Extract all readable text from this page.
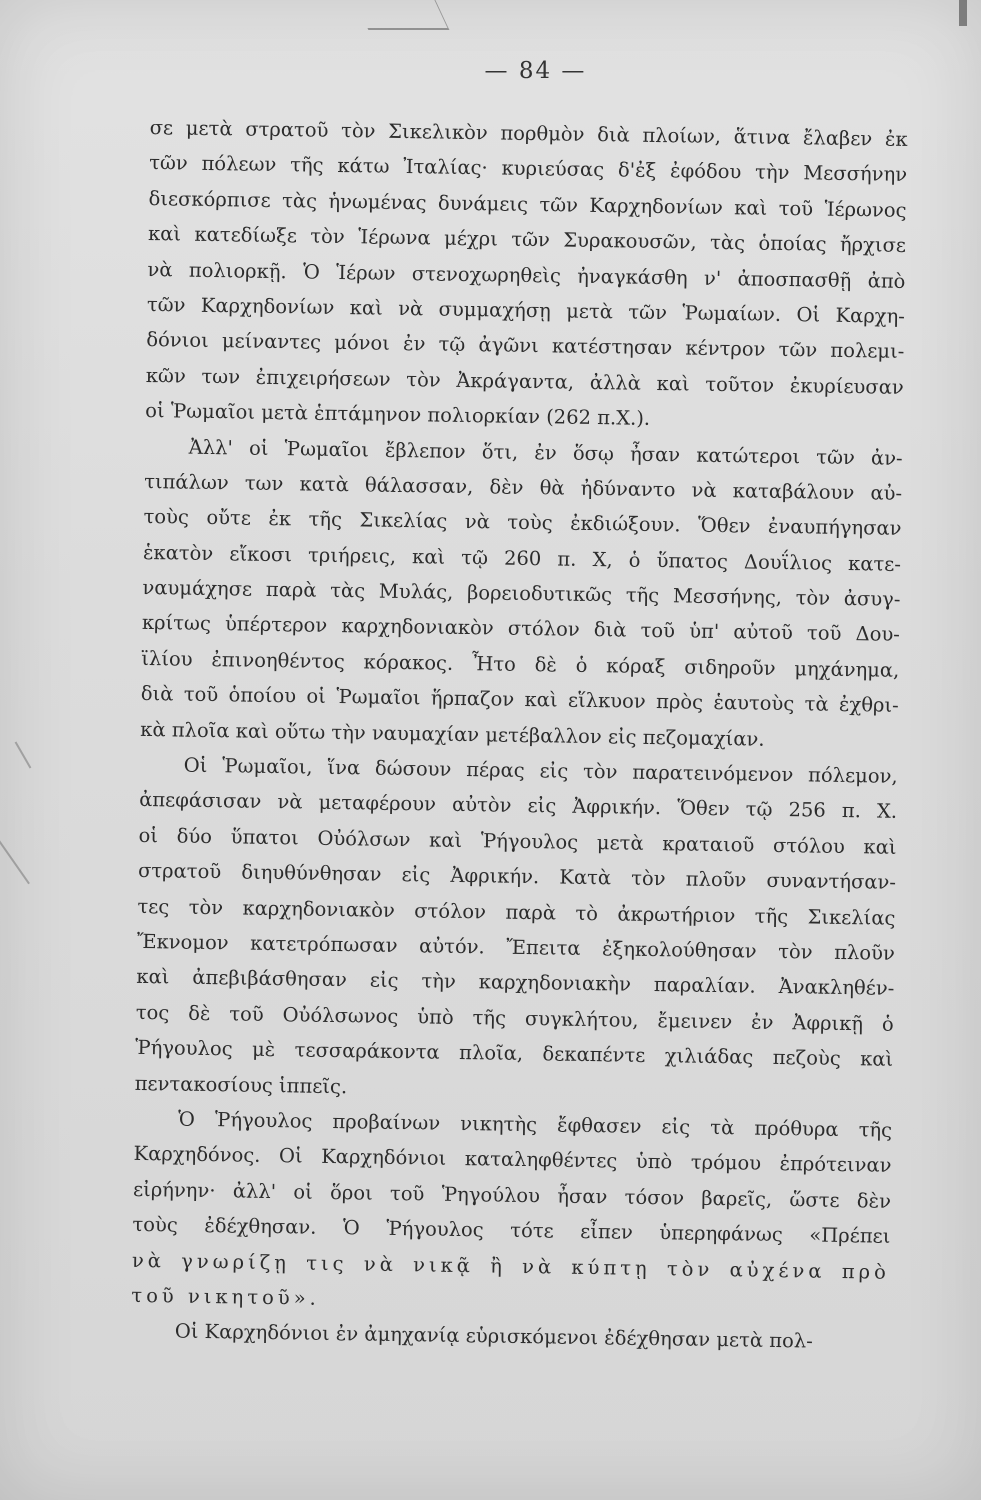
— 84 —
σε μετὰ στρατοῦ τὸν Σικελικὸν πορθμὸν διὰ πλοίων, ἅτινα ἔλαβεν ἐκ
τῶν πόλεων τῆς κάτω Ἰταλίας· κυριεύσας δ'ἐξ ἐφόδου τὴν Μεσσήνην
διεσκόρπισε τὰς ἡνωμένας δυνάμεις τῶν Καρχηδονίων καὶ τοῦ Ἱέρωνος
καὶ κατεδίωξε τὸν Ἱέρωνα μέχρι τῶν Συρακουσῶν, τὰς ὁποίας ἤρχισε
νὰ πολιορκῇ. Ὁ Ἱέρων στενοχωρηθεὶς ἠναγκάσθη ν' ἀποσπασθῇ ἀπὸ
τῶν Καρχηδονίων καὶ νὰ συμμαχήσῃ μετὰ τῶν Ῥωμαίων. Οἱ Καρχη-
δόνιοι μείναντες μόνοι ἐν τῷ ἀγῶνι κατέστησαν κέντρον τῶν πολεμι-
κῶν των ἐπιχειρήσεων τὸν Ἀκράγαντα, ἀλλὰ καὶ τοῦτον ἐκυρίευσαν
οἱ Ῥωμαῖοι μετὰ ἑπτάμηνον πολιορκίαν (262 π.Χ.).
Ἀλλ' οἱ Ῥωμαῖοι ἔβλεπον ὅτι, ἐν ὅσῳ ἦσαν κατώτεροι τῶν ἀν-
τιπάλων των κατὰ θάλασσαν, δὲν θὰ ἠδύναντο νὰ καταβάλουν αὐ-
τοὺς οὔτε ἐκ τῆς Σικελίας νὰ τοὺς ἐκδιώξουν. Ὅθεν ἐναυπήγησαν
ἑκατὸν εἴκοσι τριήρεις, καὶ τῷ 260 π. Χ, ὁ ὕπατος Δουΐλιος κατε-
ναυμάχησε παρὰ τὰς Μυλάς, βορειοδυτικῶς τῆς Μεσσήνης, τὸν ἀσυγ-
κρίτως ὑπέρτερον καρχηδονιακὸν στόλον διὰ τοῦ ὑπ' αὐτοῦ τοῦ Δου-
ϊλίου ἐπινοηθέντος κόρακος. Ἦτο δὲ ὁ κόραξ σιδηροῦν μηχάνημα,
διὰ τοῦ ὁποίου οἱ Ῥωμαῖοι ἥρπαζον καὶ εἵλκυον πρὸς ἑαυτοὺς τὰ ἐχθρι-
κὰ πλοῖα καὶ οὕτω τὴν ναυμαχίαν μετέβαλλον εἰς πεζομαχίαν.
Οἱ Ῥωμαῖοι, ἵνα δώσουν πέρας εἰς τὸν παρατεινόμενον πόλεμον,
ἀπεφάσισαν νὰ μεταφέρουν αὐτὸν εἰς Ἀφρικήν. Ὅθεν τῷ 256 π. Χ.
οἱ δύο ὕπατοι Οὐόλσων καὶ Ῥήγουλος μετὰ κραταιοῦ στόλου καὶ
στρατοῦ διηυθύνθησαν εἰς Ἀφρικήν. Κατὰ τὸν πλοῦν συναντήσαν-
τες τὸν καρχηδονιακὸν στόλον παρὰ τὸ ἀκρωτήριον τῆς Σικελίας
Ἔκνομον κατετρόπωσαν αὐτόν. Ἔπειτα ἐξηκολούθησαν τὸν πλοῦν
καὶ ἀπεβιβάσθησαν εἰς τὴν καρχηδονιακὴν παραλίαν. Ἀνακληθέν-
τος δὲ τοῦ Οὐόλσωνος ὑπὸ τῆς συγκλήτου, ἔμεινεν ἐν Ἀφρικῇ ὁ
Ῥήγουλος μὲ τεσσαράκοντα πλοῖα, δεκαπέντε χιλιάδας πεζοὺς καὶ
πεντακοσίους ἱππεῖς.
Ὁ Ῥήγουλος προβαίνων νικητὴς ἔφθασεν εἰς τὰ πρόθυρα τῆς
Καρχηδόνος. Οἱ Καρχηδόνιοι καταληφθέντες ὑπὸ τρόμου ἐπρότειναν
εἰρήνην· ἀλλ' οἱ ὅροι τοῦ Ῥηγούλου ἦσαν τόσον βαρεῖς, ὥστε δὲν
τοὺς ἐδέχθησαν. Ὁ Ῥήγουλος τότε εἶπεν ὑπερηφάνως «Πρέπει
νὰ γνωρίζῃ τις νὰ νικᾷ ἢ νὰ κύπτῃ τὸν αὐχένα πρὸ
τοῦ νικητοῦ».
Οἱ Καρχηδόνιοι ἐν ἀμηχανίᾳ εὑρισκόμενοι ἐδέχθησαν μετὰ πολ-
